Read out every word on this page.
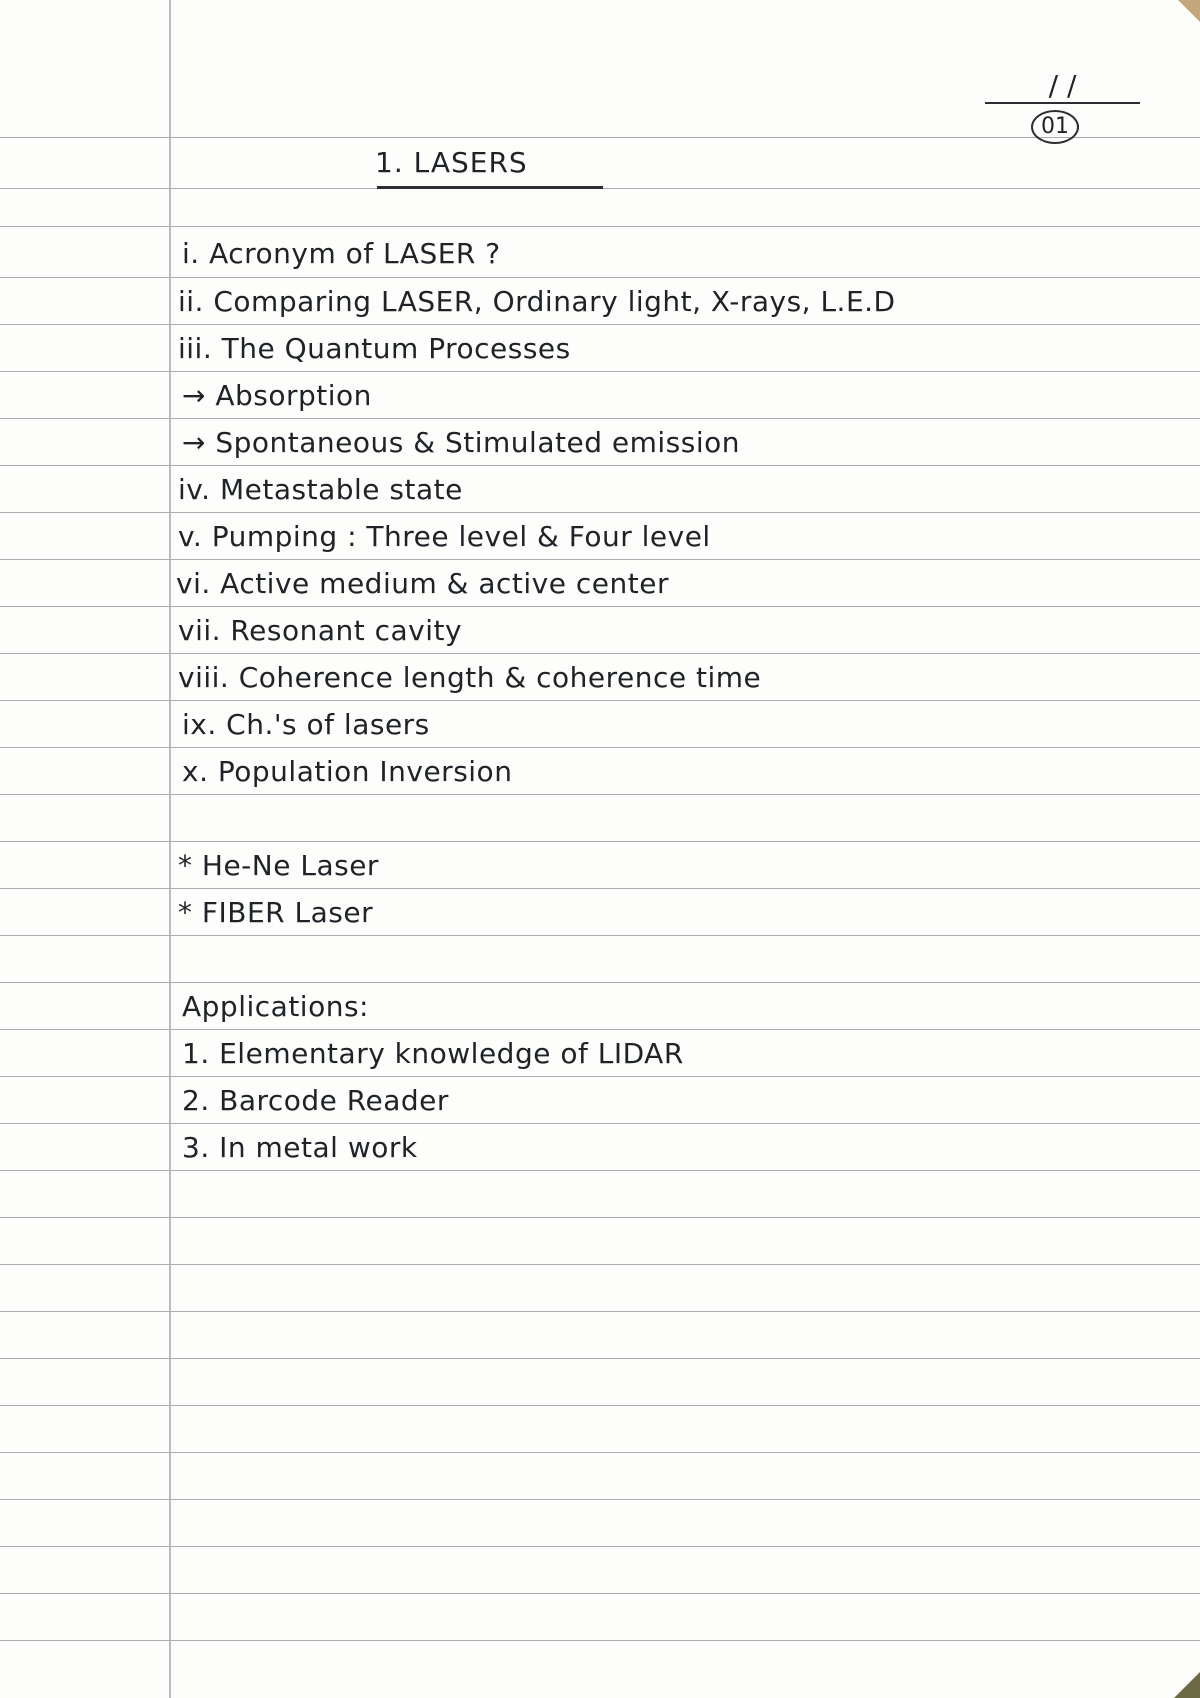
/ /
01
1. LASERS
i. Acronym of LASER ?
ii. Comparing LASER, Ordinary light, X-rays, L.E.D
iii. The Quantum Processes
→ Absorption
→ Spontaneous & Stimulated emission
iv. Metastable state
v. Pumping : Three level & Four level
vi. Active medium & active center
vii. Resonant cavity
viii. Coherence length & coherence time
ix. Ch.'s of lasers
x. Population Inversion
* He-Ne Laser
* FIBER Laser
Applications:
1. Elementary knowledge of LIDAR
2. Barcode Reader
3. In metal work
